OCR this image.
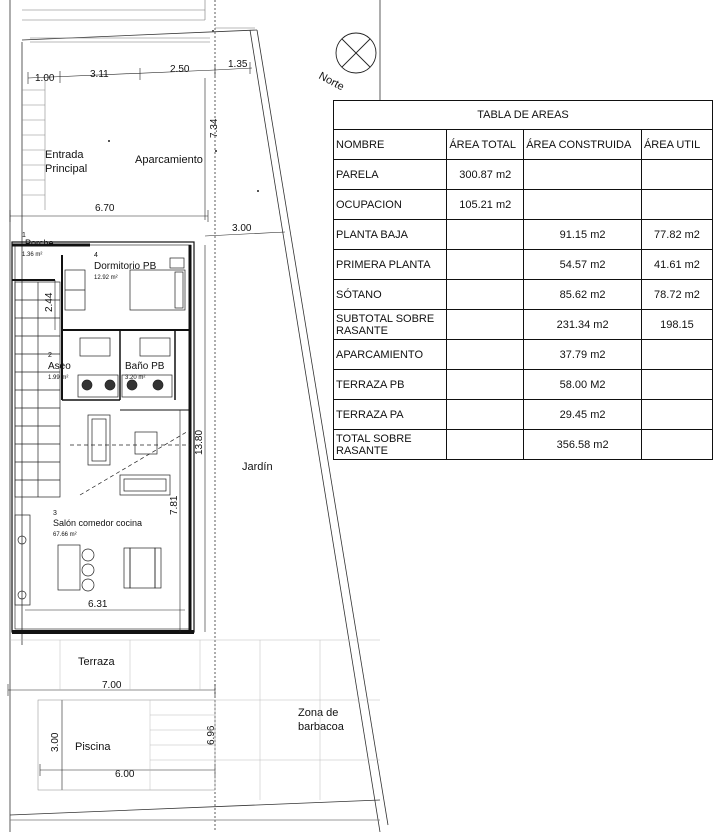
Norte
1.00	3.11	2.50	1.35
7.34
6.70
3.00
Entrada
Principal
Aparcamiento
Jardín
Terraza
Piscina
Zona de
barbacoa
2.44
13.80
7.81
6.31
7.00
6.96
3.00
6.00
1
Porche
1.36 m²	4
Dormitorio PB
12.92 m²
2
Aseo
1.99 m²
Baño PB
3.20 m²
3
Salón comedor cocina
67.66 m²
TABLA DE AREAS			
NOMBRE	ÁREA TOTAL	ÁREA CONSTRUIDA	ÁREA UTIL
PARELA	300.87 m2		
OCUPACION	105.21 m2		
PLANTA BAJA		91.15 m2	77.82 m2
PRIMERA PLANTA		54.57 m2	41.61 m2
SÓTANO		85.62 m2	78.72 m2
SUBTOTAL SOBRE RASANTE		231.34 m2	198.15
APARCAMIENTO		37.79 m2	
TERRAZA PB		58.00 M2	
TERRAZA PA		29.45 m2	
TOTAL SOBRE RASANTE		356.58 m2	
